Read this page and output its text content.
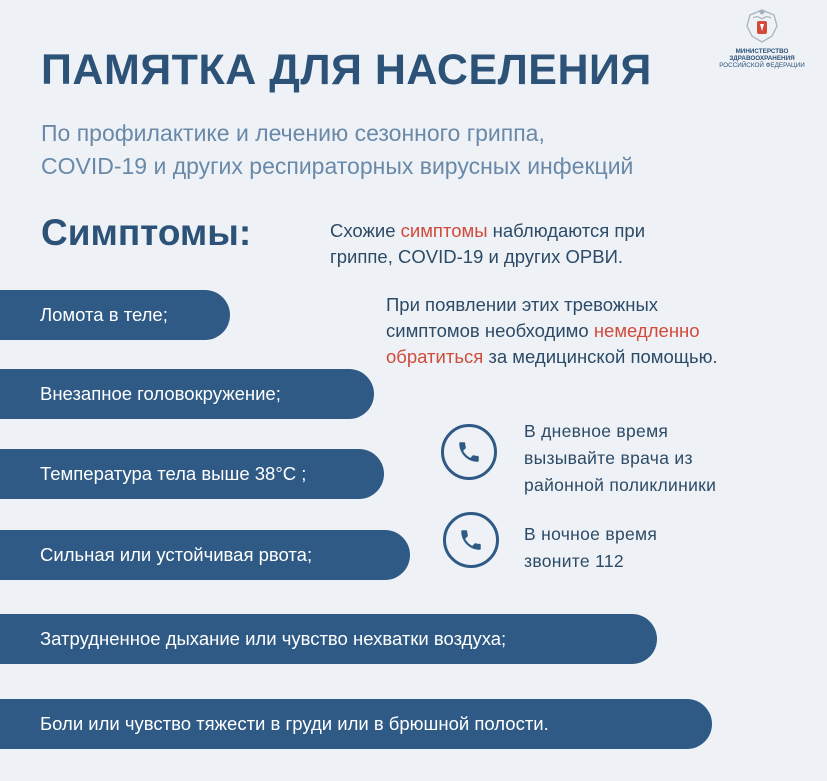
ПАМЯТКА ДЛЯ НАСЕЛЕНИЯ	МИНИСТЕРСТВО
ЗДРАВООХРАНЕНИЯ
РОССИЙСКОЙ ФЕДЕРАЦИИ
По профилактике и лечению сезонного гриппа,
COVID-19 и других респираторных вирусных инфекций
Симптомы:	Схожие симптомы наблюдаются при
гриппе, COVID-19 и других ОРВИ.
При появлении этих тревожных
симптомов необходимо немедленно
обратиться за медицинской помощью.
Ломота в теле;
Внезапное головокружение;
Температура тела выше 38°C ;
Сильная или устойчивая рвота;
Затрудненное дыхание или чувство нехватки воздуха;
Боли или чувство тяжести в груди или в брюшной полости.
В дневное время
вызывайте врача из
районной поликлиники
В ночное время
звоните 112
